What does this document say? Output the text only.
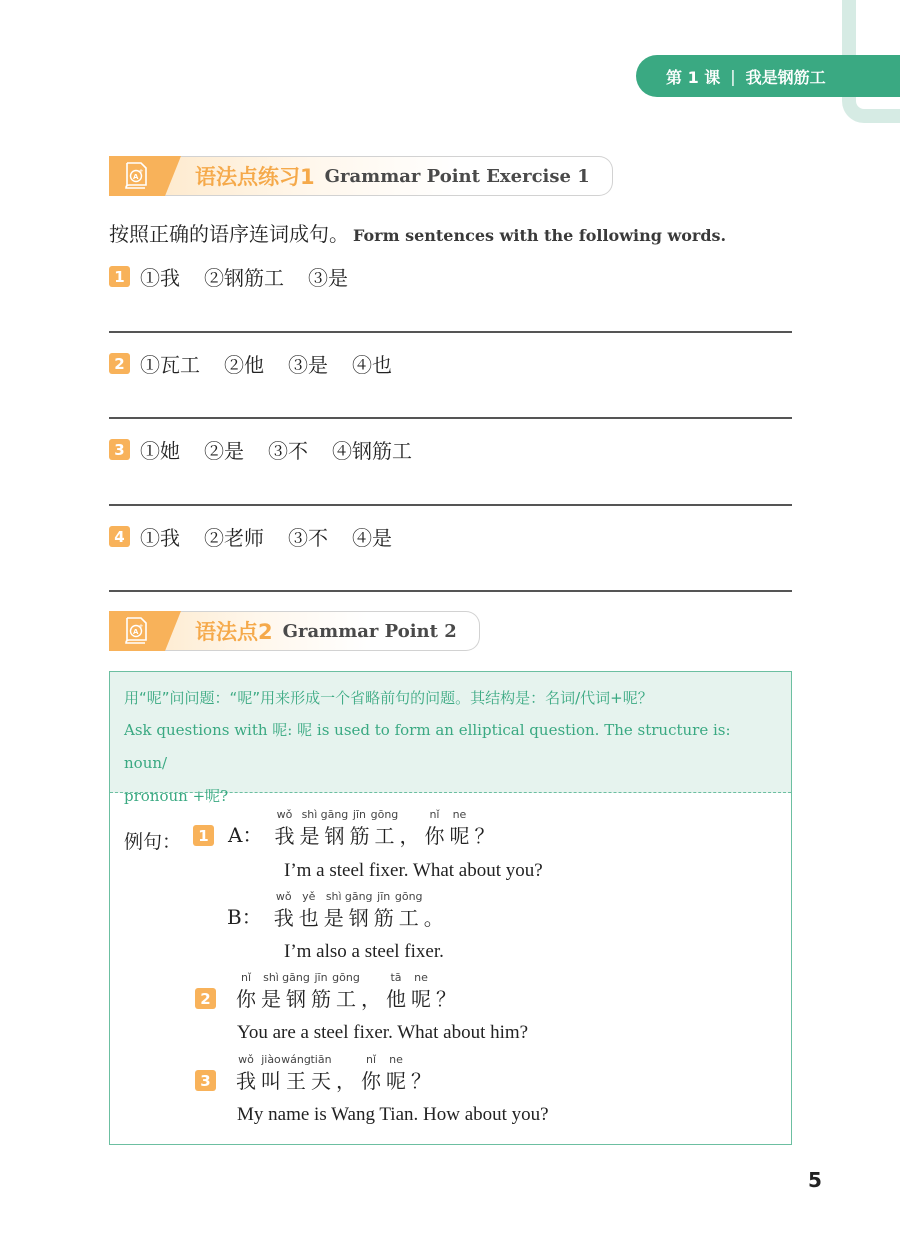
第 1 课 | 我是钢筋工
A
+ 语法点练习1 Grammar Point Exercise 1
按照正确的语序连词成句。 Form sentences with the following words.
1 ①我 ②钢筋工 ③是
2 ①瓦工 ②他 ③是 ④也
3 ①她 ②是 ③不 ④钢筋工
4 ①我 ②老师 ③不 ④是
A
+ 语法点2 Grammar Point 2
用“呢”问问题：“呢”用来形成一个省略前句的问题。其结构是：名词/代词+呢？
Ask questions with 呢: 呢 is used to form an elliptical question. The structure is: noun/
pronoun +呢?
例句：	1 A：
wǒ
我
shì
是
gāng
钢
jīn
筋
gōng
工 ，
nǐ
你
ne
呢 ？
I’m a steel fixer. What about you?
B：
wǒ
我
yě
也
shì
是
gāng
钢
jīn
筋
gōng
工 。
I’m also a steel fixer.
2
nǐ
你
shì
是
gāng
钢
jīn
筋
gōng
工 ，
tā
他
ne
呢 ？
You are a steel fixer. What about him?
3
wǒ
我
jiào
叫
wáng
王
tiān
天 ，
nǐ
你
ne
呢 ？
My name is Wang Tian. How about you?
5
